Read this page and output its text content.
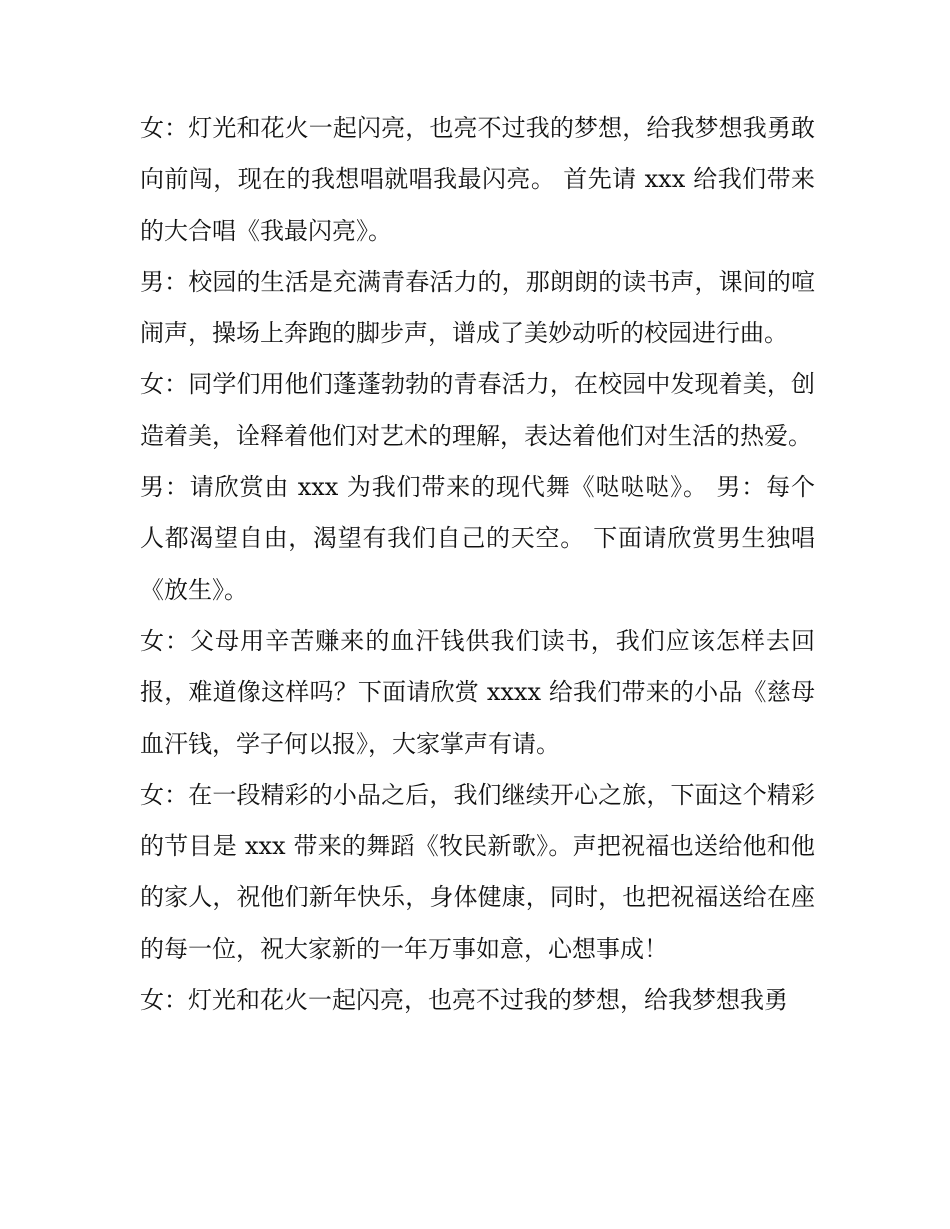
女：灯光和花火一起闪亮，也亮不过我的梦想，给我梦想我勇敢向前闯，现在的我想唱就唱我最闪亮。 首先请 xxx 给我们带来的大合唱《我最闪亮》。

男：校园的生活是充满青春活力的，那朗朗的读书声，课间的喧闹声，操场上奔跑的脚步声，谱成了美妙动听的校园进行曲。

女：同学们用他们蓬蓬勃勃的青春活力，在校园中发现着美，创造着美，诠释着他们对艺术的理解，表达着他们对生活的热爱。

男：请欣赏由 xxx 为我们带来的现代舞《哒哒哒》。 男：每个人都渴望自由，渴望有我们自己的天空。 下面请欣赏男生独唱《放生》。

女：父母用辛苦赚来的血汗钱供我们读书，我们应该怎样去回报，难道像这样吗？下面请欣赏 xxxx 给我们带来的小品《慈母血汗钱，学子何以报》，大家掌声有请。

女：在一段精彩的小品之后，我们继续开心之旅，下面这个精彩的节目是 xxx 带来的舞蹈《牧民新歌》。声把祝福也送给他和他的家人，祝他们新年快乐，身体健康，同时，也把祝福送给在座的每一位，祝大家新的一年万事如意，心想事成！

女：灯光和花火一起闪亮，也亮不过我的梦想，给我梦想我勇
